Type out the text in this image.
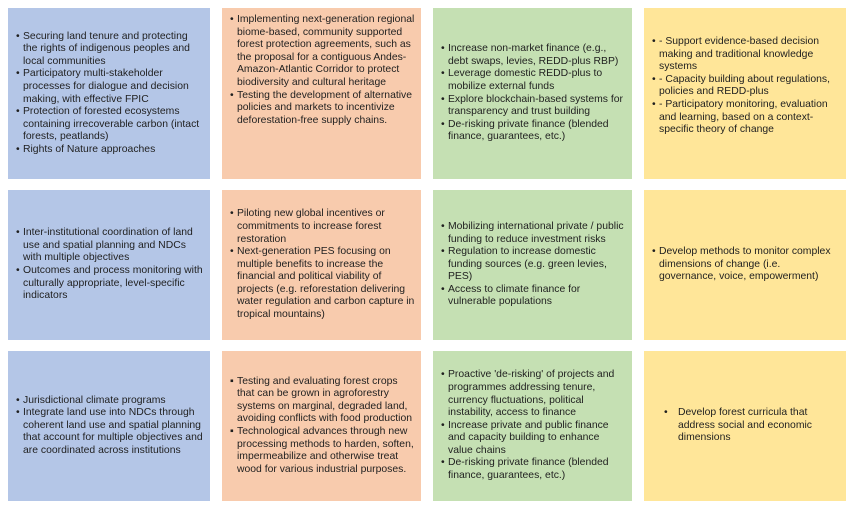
• Securing land tenure and protecting the rights of indigenous peoples and local communities
• Participatory multi-stakeholder processes for dialogue and decision making, with effective FPIC
• Protection of forested ecosystems containing irrecoverable carbon (intact forests, peatlands)
• Rights of Nature approaches
• Implementing next-generation regional biome-based, community supported forest protection agreements, such as the proposal for a contiguous Andes-Amazon-Atlantic Corridor to protect biodiversity and cultural heritage
• Testing the development of alternative policies and markets to incentivize deforestation-free supply chains.
• Increase non-market finance (e.g., debt swaps, levies, REDD-plus RBP)
• Leverage domestic REDD-plus to mobilize external funds
• Explore blockchain-based systems for transparency and trust building
• De-risking private finance (blended finance, guarantees, etc.)
• - Support evidence-based decision making and traditional knowledge systems
• - Capacity building about regulations, policies and REDD-plus
• - Participatory monitoring, evaluation and learning, based on a context-specific theory of change
• Inter-institutional coordination of land use and spatial planning and NDCs with multiple objectives
• Outcomes and process monitoring with culturally appropriate, level-specific indicators
• Piloting new global incentives or commitments to increase forest restoration
• Next-generation PES focusing on multiple benefits to increase the financial and political viability of projects (e.g. reforestation delivering water regulation and carbon capture in tropical mountains)
• Mobilizing international private / public funding to reduce investment risks
• Regulation to increase domestic funding sources (e.g. green levies, PES)
• Access to climate finance for vulnerable populations
• Develop methods to monitor complex dimensions of change (i.e. governance, voice, empowerment)
• Jurisdictional climate programs
• Integrate land use into NDCs through coherent land use and spatial planning that account for multiple objectives and are coordinated across institutions
▪ Testing and evaluating forest crops that can be grown in agroforestry systems on marginal, degraded land, avoiding conflicts with food production
▪ Technological advances through new processing methods to harden, soften, impermeabilize and otherwise treat wood for various industrial purposes.
• Proactive 'de-risking' of projects and programmes addressing tenure, currency fluctuations, political instability, access to finance
• Increase private and public finance and capacity building to enhance value chains
• De-risking private finance (blended finance, guarantees, etc.)
• Develop forest curricula that address social and economic dimensions
